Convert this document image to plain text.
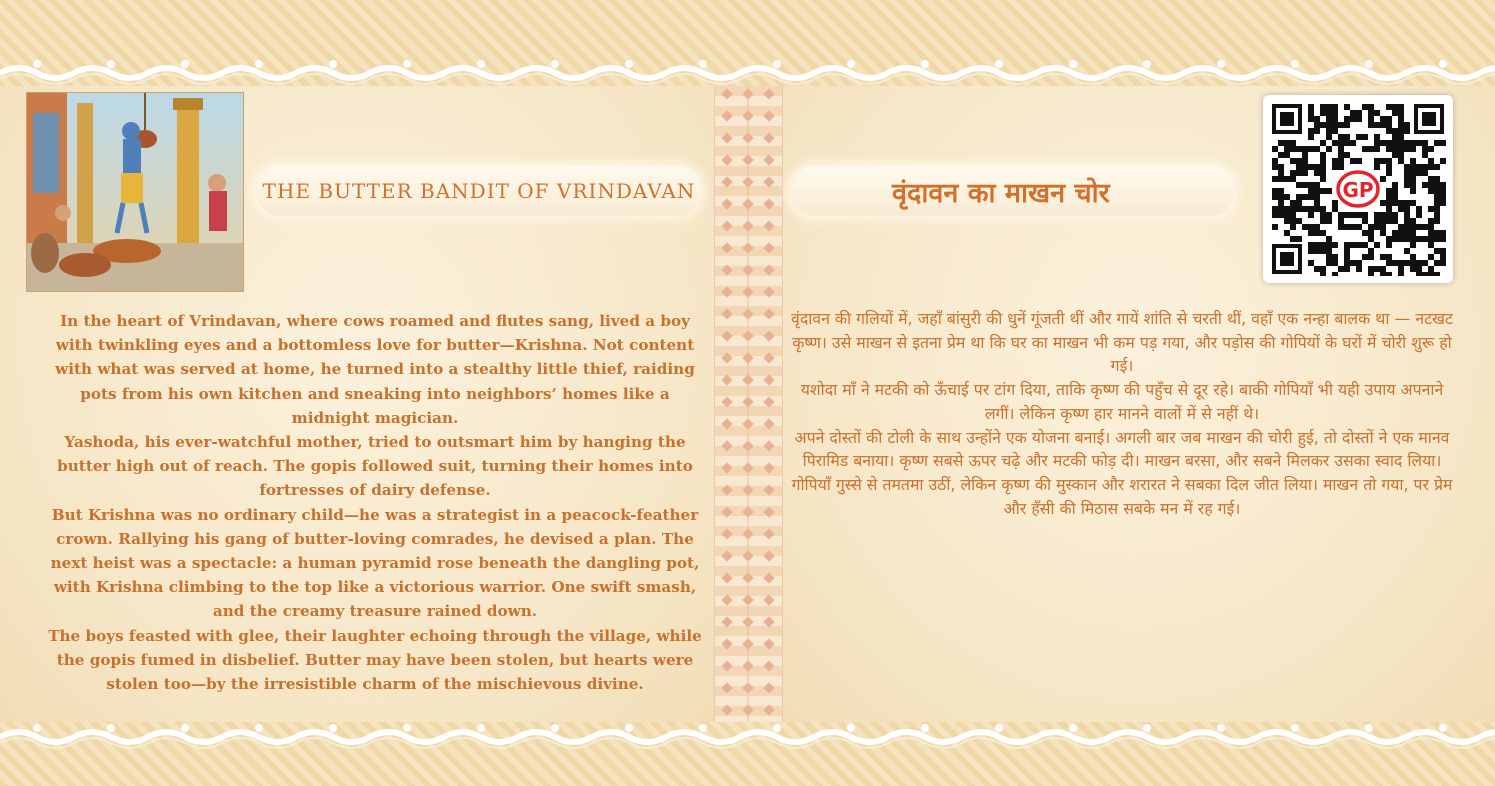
THE BUTTER BANDIT OF VRINDAVAN

In the heart of Vrindavan, where cows roamed and flutes sang, lived a boy with twinkling eyes and a bottomless love for butter—Krishna. Not content with what was served at home, he turned into a stealthy little thief, raiding pots from his own kitchen and sneaking into neighbors’ homes like a midnight magician.

Yashoda, his ever-watchful mother, tried to outsmart him by hanging the butter high out of reach. The gopis followed suit, turning their homes into fortresses of dairy defense.

But Krishna was no ordinary child—he was a strategist in a peacock-feather crown. Rallying his gang of butter-loving comrades, he devised a plan. The next heist was a spectacle: a human pyramid rose beneath the dangling pot, with Krishna climbing to the top like a victorious warrior. One swift smash, and the creamy treasure rained down.

The boys feasted with glee, their laughter echoing through the village, while the gopis fumed in disbelief. Butter may have been stolen, but hearts were stolen too—by the irresistible charm of the mischievous divine.

वृंदावन का माखन चोर

वृंदावन की गलियों में, जहाँ बांसुरी की धुनें गूंजती थीं और गायें शांति से चरती थीं, वहाँ एक नन्हा बालक था — नटखट कृष्ण। उसे माखन से इतना प्रेम था कि घर का माखन भी कम पड़ गया, और पड़ोस की गोपियों के घरों में चोरी शुरू हो गई।

यशोदा माँ ने मटकी को ऊँचाई पर टांग दिया, ताकि कृष्ण की पहुँच से दूर रहे। बाकी गोपियाँ भी यही उपाय अपनाने लगीं। लेकिन कृष्ण हार मानने वालों में से नहीं थे।

अपने दोस्तों की टोली के साथ उन्होंने एक योजना बनाई। अगली बार जब माखन की चोरी हुई, तो दोस्तों ने एक मानव पिरामिड बनाया। कृष्ण सबसे ऊपर चढ़े और मटकी फोड़ दी। माखन बरसा, और सबने मिलकर उसका स्वाद लिया।

गोपियाँ गुस्से से तमतमा उठीं, लेकिन कृष्ण की मुस्कान और शरारत ने सबका दिल जीत लिया। माखन तो गया, पर प्रेम और हँसी की मिठास सबके मन में रह गई।

GP
